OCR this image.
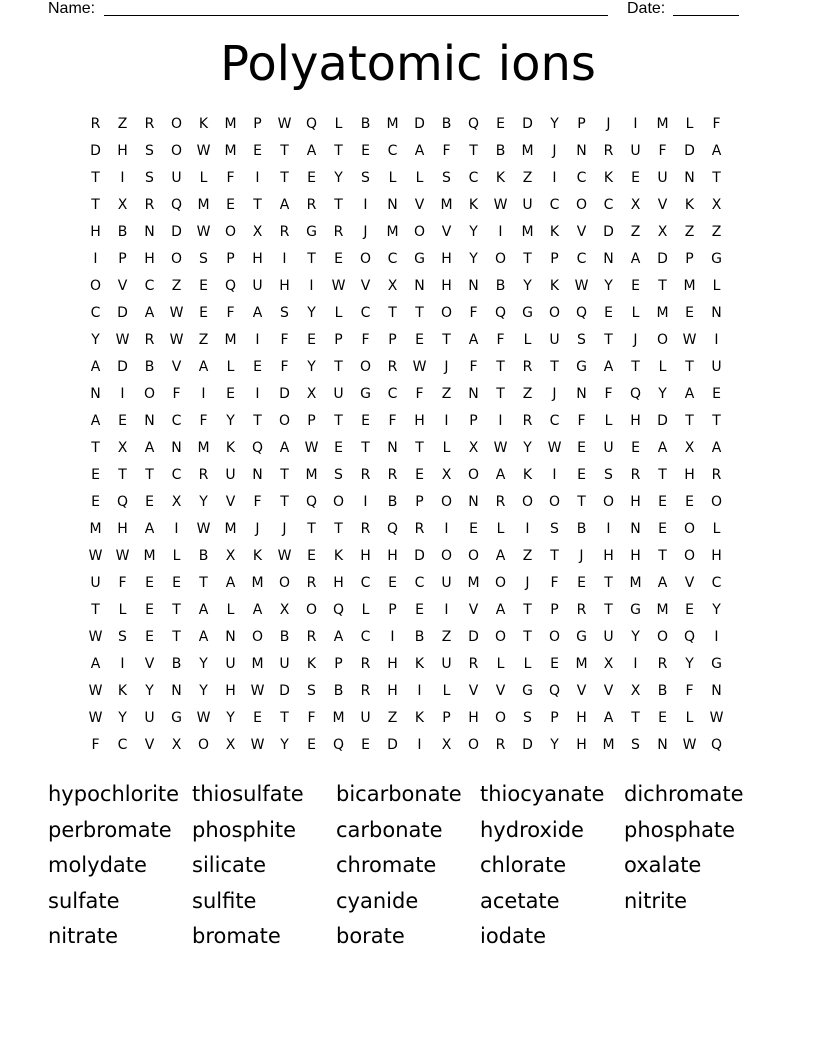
Name:	Date:
Polyatomic ions
R	Z	R	O	K	M	P	W	Q	L	B	M	D	B	Q	E	D	Y	P	J	I	M	L	F
D	H	S	O	W	M	E	T	A	T	E	C	A	F	T	B	M	J	N	R	U	F	D	A
T	I	S	U	L	F	I	T	E	Y	S	L	L	S	C	K	Z	I	C	K	E	U	N	T
T	X	R	Q	M	E	T	A	R	T	I	N	V	M	K	W	U	C	O	C	X	V	K	X
H	B	N	D	W	O	X	R	G	R	J	M	O	V	Y	I	M	K	V	D	Z	X	Z	Z
I	P	H	O	S	P	H	I	T	E	O	C	G	H	Y	O	T	P	C	N	A	D	P	G
O	V	C	Z	E	Q	U	H	I	W	V	X	N	H	N	B	Y	K	W	Y	E	T	M	L
C	D	A	W	E	F	A	S	Y	L	C	T	T	O	F	Q	G	O	Q	E	L	M	E	N
Y	W	R	W	Z	M	I	F	E	P	F	P	E	T	A	F	L	U	S	T	J	O	W	I
A	D	B	V	A	L	E	F	Y	T	O	R	W	J	F	T	R	T	G	A	T	L	T	U
N	I	O	F	I	E	I	D	X	U	G	C	F	Z	N	T	Z	J	N	F	Q	Y	A	E
A	E	N	C	F	Y	T	O	P	T	E	F	H	I	P	I	R	C	F	L	H	D	T	T
T	X	A	N	M	K	Q	A	W	E	T	N	T	L	X	W	Y	W	E	U	E	A	X	A
E	T	T	C	R	U	N	T	M	S	R	R	E	X	O	A	K	I	E	S	R	T	H	R
E	Q	E	X	Y	V	F	T	Q	O	I	B	P	O	N	R	O	O	T	O	H	E	E	O
M	H	A	I	W	M	J	J	T	T	R	Q	R	I	E	L	I	S	B	I	N	E	O	L
W W	M	L	B	X	K	W	E	K	H	H	D	O	O	A	Z	T	J	H	H	T	O	H
U	F	E	E	T	A	M	O	R	H	C	E	C	U	M	O	J	F	E	T	M	A	V	C
T	L	E	T	A	L	A	X	O	Q	L	P	E	I	V	A	T	P	R	T	G	M	E	Y
W	S	E	T	A	N	O	B	R	A	C	I	B	Z	D	O	T	O	G	U	Y	O	Q	I
A	I	V	B	Y	U	M	U	K	P	R	H	K	U	R	L	L	E	M	X	I	R	Y	G
W	K	Y	N	Y	H	W	D	S	B	R	H	I	L	V	V	G	Q	V	V	X	B	F	N
W	Y	U	G	W	Y	E	T	F	M	U	Z	K	P	H	O	S	P	H	A	T	E	L	W
F	C	V	X	O	X	W	Y	E	Q	E	D	I	X	O	R	D	Y	H	M	S	N	W	Q
hypochlorite thiosulfate	bicarbonate thiocyanate dichromate
perbromate phosphite	carbonate	hydroxide	phosphate
molydate	silicate	chromate	chlorate	oxalate
sulfate	sulfite	cyanide	acetate	nitrite
nitrate	bromate	borate	iodate
